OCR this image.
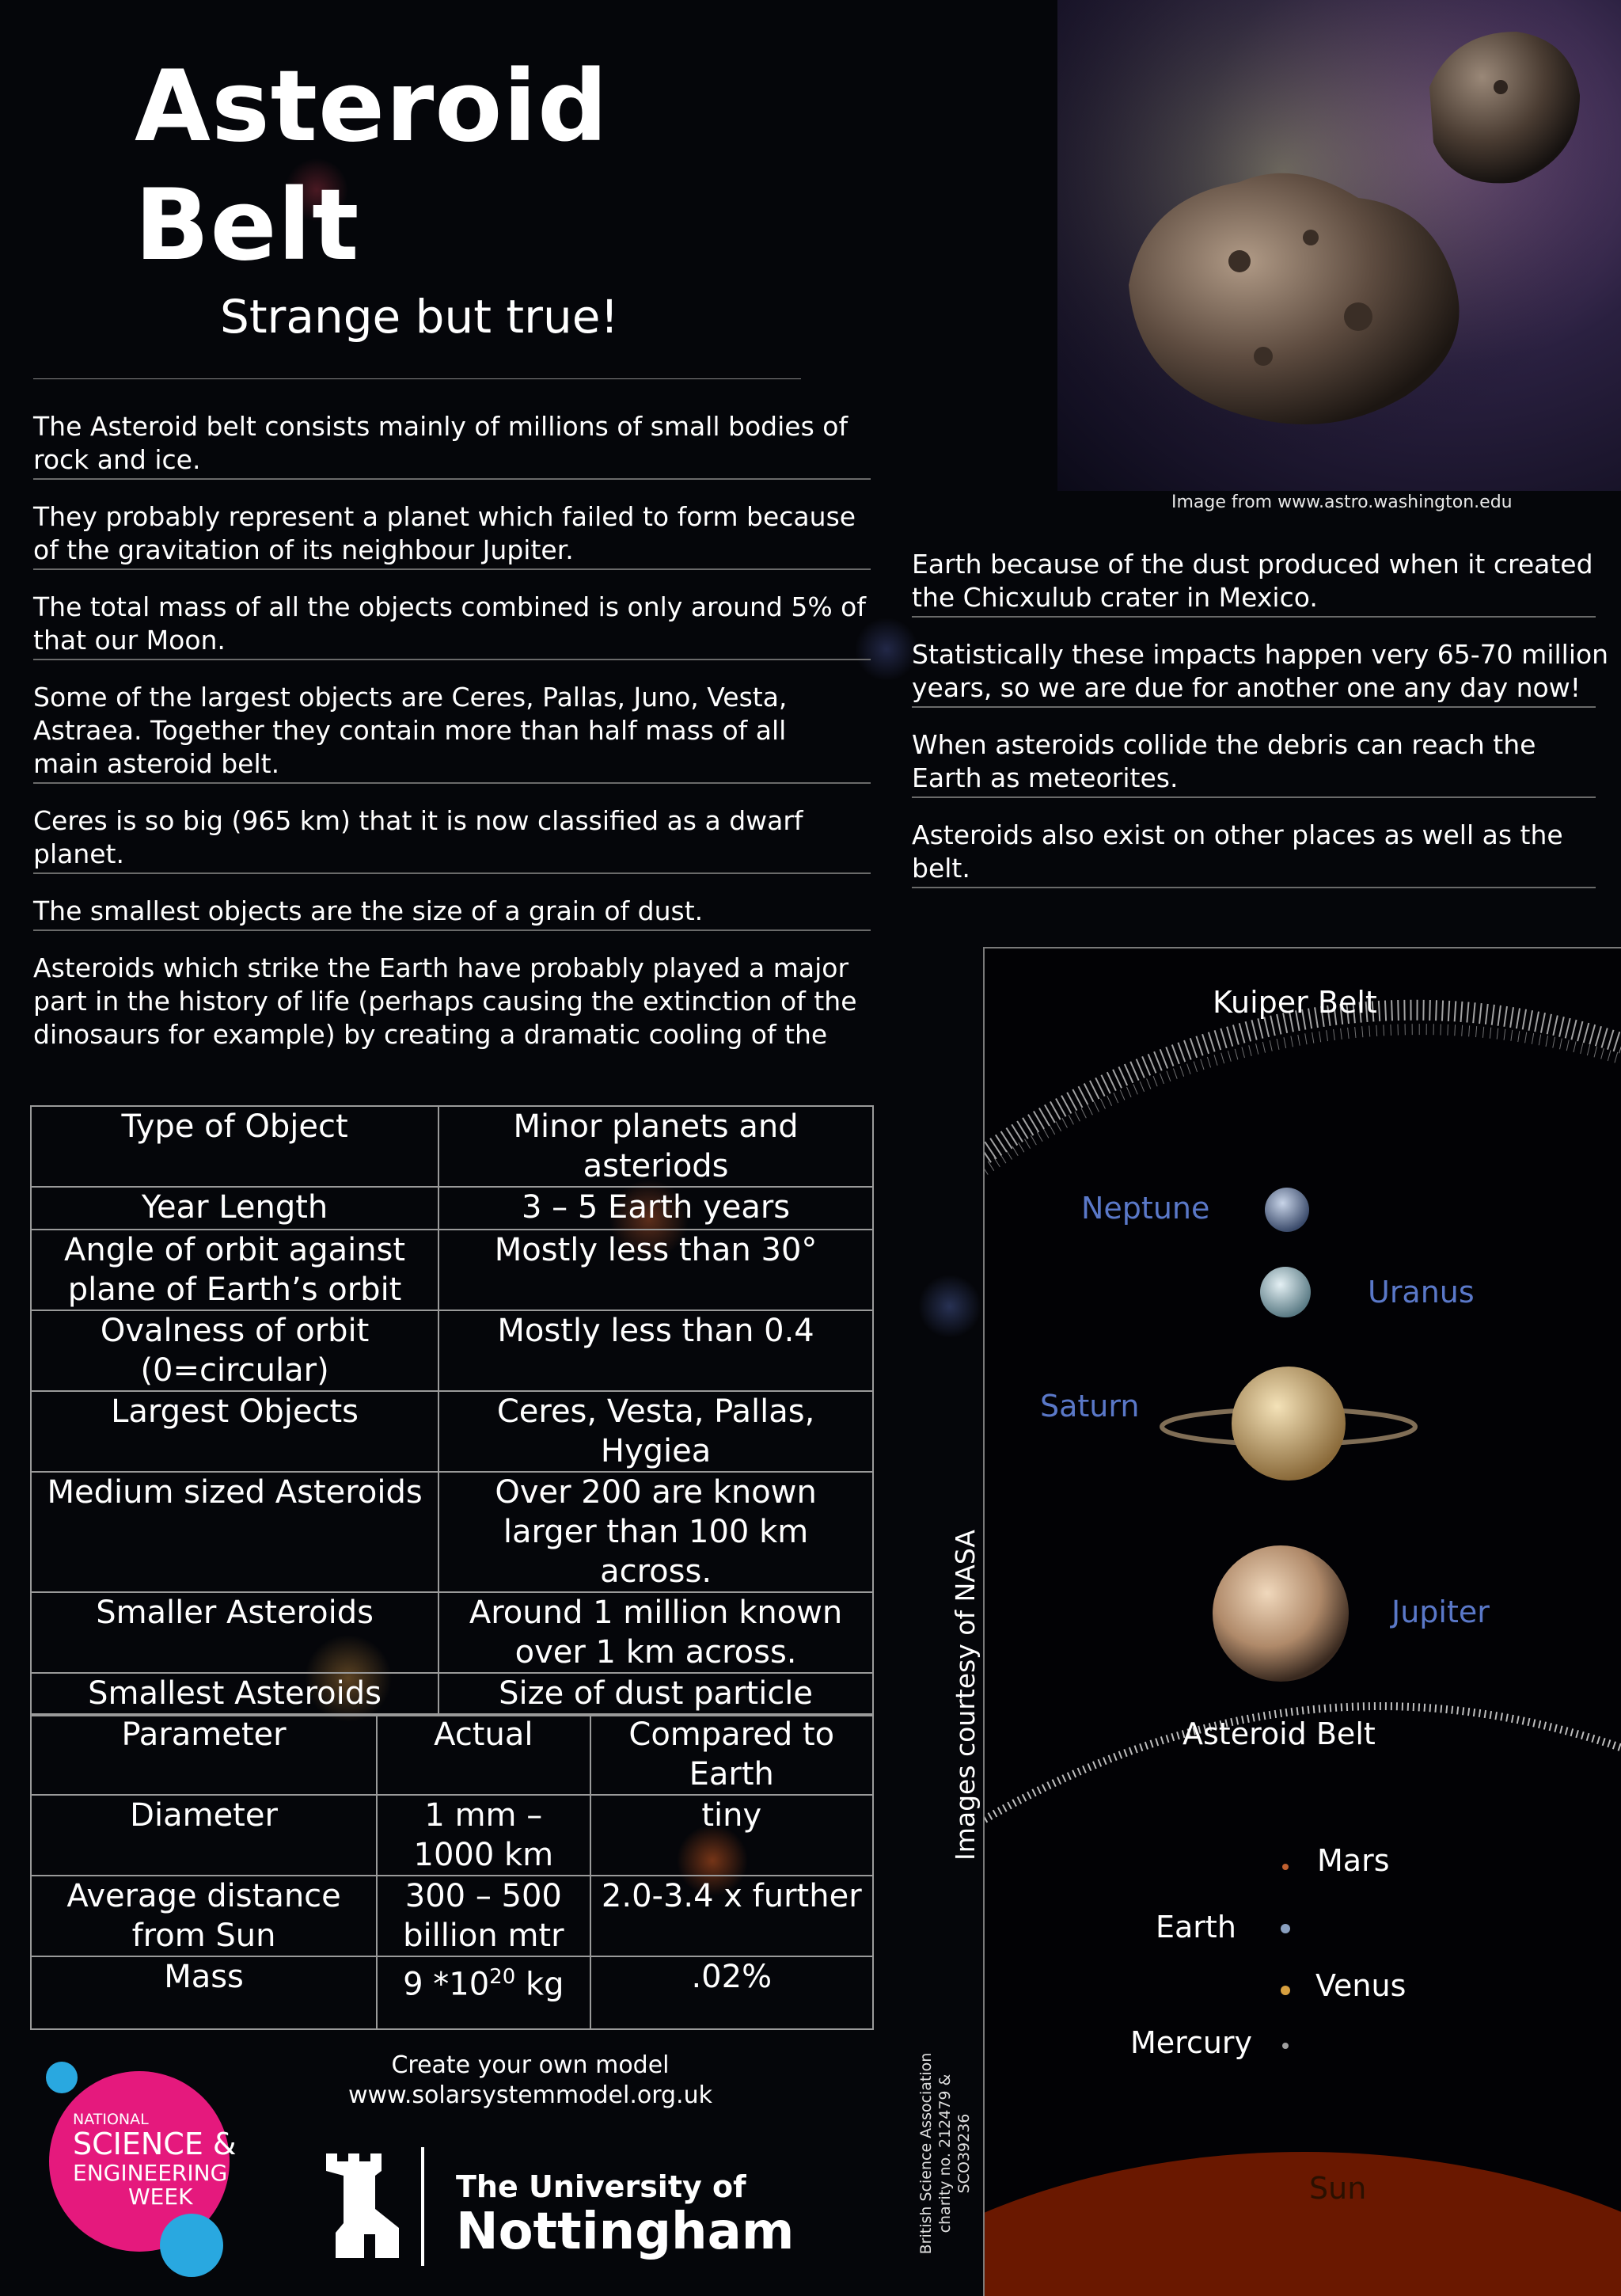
Asteroid Belt
Strange but true!
The Asteroid belt consists mainly of millions of small bodies of rock and ice.
They probably represent a planet which failed to form because of the gravitation of its neighbour Jupiter.
The total mass of all the objects combined is only around 5% of that our Moon.
Some of the largest objects are Ceres, Pallas, Juno, Vesta, Astraea. Together they contain more than half mass of all main asteroid belt.
Ceres is so big (965 km) that it is now classified as a dwarf planet.
The smallest objects are the size of a grain of dust.
Asteroids which strike the Earth have probably played a major part in the history of life (perhaps causing the extinction of the dinosaurs for example) by creating a dramatic cooling of the
Image from www.astro.washington.edu
Earth because of the dust produced when it created the Chicxulub crater in Mexico.
Statistically these impacts happen very 65-70 million years, so we are due for another one any day now!
When asteroids collide the debris can reach the Earth as meteorites.
Asteroids also exist on other places as well as the belt.
Type of Object	Minor planets and asteriods
Year Length	3 – 5 Earth years
Angle of orbit against plane of Earth’s orbit	Mostly less than 30°
Ovalness of orbit (0=circular)	Mostly less than 0.4
Largest Objects	Ceres, Vesta, Pallas, Hygiea
Medium sized Asteroids	Over 200 are known larger than 100 km across.
Smaller Asteroids	Around 1 million known over 1 km across.
Smallest Asteroids	Size of dust particle
Parameter	Actual	Compared to Earth
Diameter	1 mm – 1000 km	tiny
Average distance from Sun	300 – 500 billion mtr	2.0-3.4 x further
Mass	9 $*10^{20}$ kg	.02%
Kuiper Belt
Neptune
Uranus
Saturn
Jupiter
Asteroid Belt
Mars
Earth
Venus
Mercury
Sun
Images courtesy of NASA
British Science Association charity no. 212479 & SCO39236
Create your own model
www.solarsystemmodel.org.uk
NATIONAL
SCIENCE &
ENGINEERING
WEEK	The University of
Nottingham
